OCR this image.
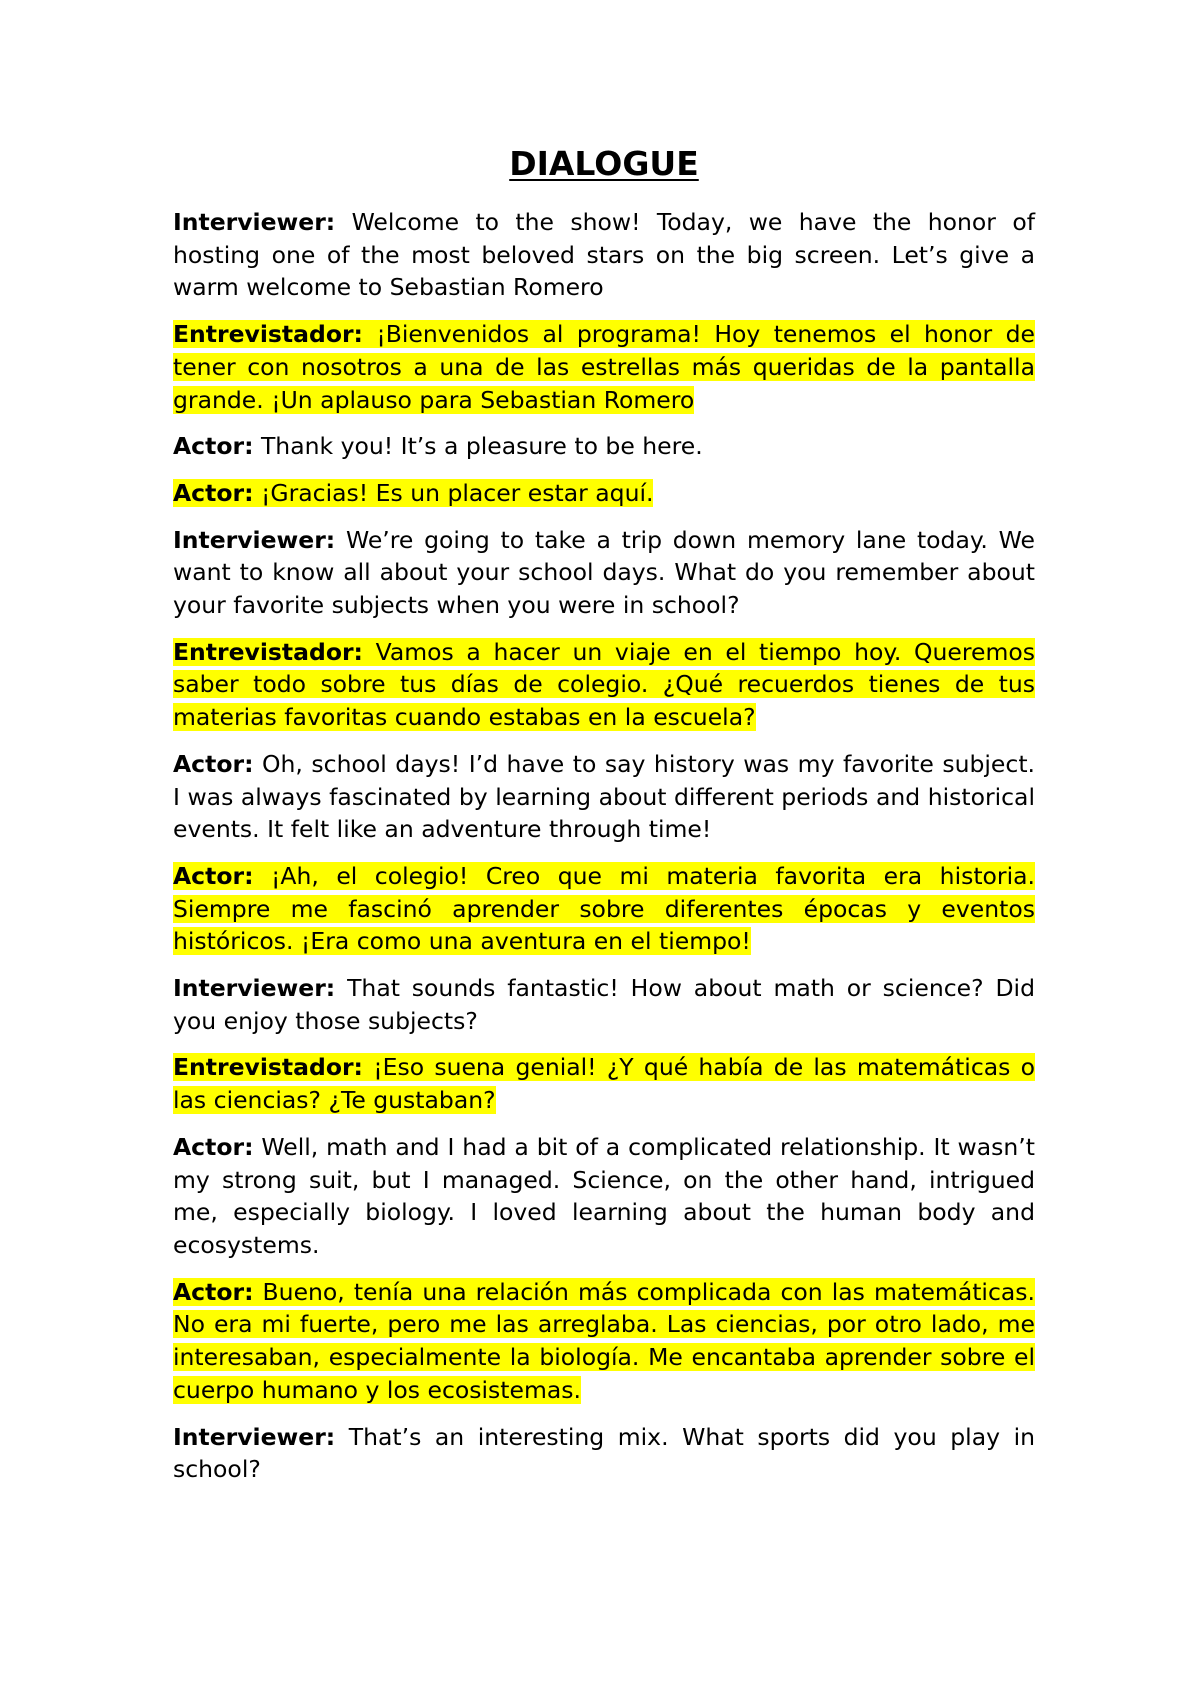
DIALOGUE

Interviewer: Welcome to the show! Today, we have the honor of hosting one of the most beloved stars on the big screen. Let’s give a warm welcome to Sebastian Romero

Entrevistador: ¡Bienvenidos al programa! Hoy tenemos el honor de tener con nosotros a una de las estrellas más queridas de la pantalla grande. ¡Un aplauso para Sebastian Romero

Actor: Thank you! It’s a pleasure to be here.

Actor: ¡Gracias! Es un placer estar aquí.

Interviewer: We’re going to take a trip down memory lane today. We want to know all about your school days. What do you remember about your favorite subjects when you were in school?

Entrevistador: Vamos a hacer un viaje en el tiempo hoy. Queremos saber todo sobre tus días de colegio. ¿Qué recuerdos tienes de tus materias favoritas cuando estabas en la escuela?

Actor: Oh, school days! I’d have to say history was my favorite subject. I was always fascinated by learning about different periods and historical events. It felt like an adventure through time!

Actor: ¡Ah, el colegio! Creo que mi materia favorita era historia. Siempre me fascinó aprender sobre diferentes épocas y eventos históricos. ¡Era como una aventura en el tiempo!

Interviewer: That sounds fantastic! How about math or science? Did you enjoy those subjects?

Entrevistador: ¡Eso suena genial! ¿Y qué había de las matemáticas o las ciencias? ¿Te gustaban?

Actor: Well, math and I had a bit of a complicated relationship. It wasn’t my strong suit, but I managed. Science, on the other hand, intrigued me, especially biology. I loved learning about the human body and ecosystems.

Actor: Bueno, tenía una relación más complicada con las matemáticas. No era mi fuerte, pero me las arreglaba. Las ciencias, por otro lado, me interesaban, especialmente la biología. Me encantaba aprender sobre el cuerpo humano y los ecosistemas.

Interviewer: That’s an interesting mix. What sports did you play in school?
